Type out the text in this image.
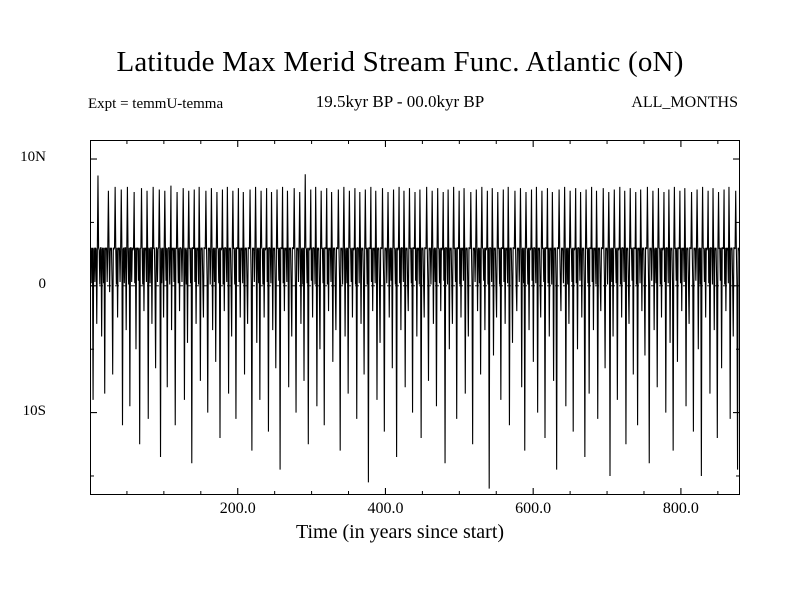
Latitude Max Merid Stream Func. Atlantic (oN)
Expt = temmU-temma	19.5kyr BP - 00.0kyr BP	ALL_MONTHS
10N
0
10S
200.0	400.0	600.0	800.0
Time (in years since start)
